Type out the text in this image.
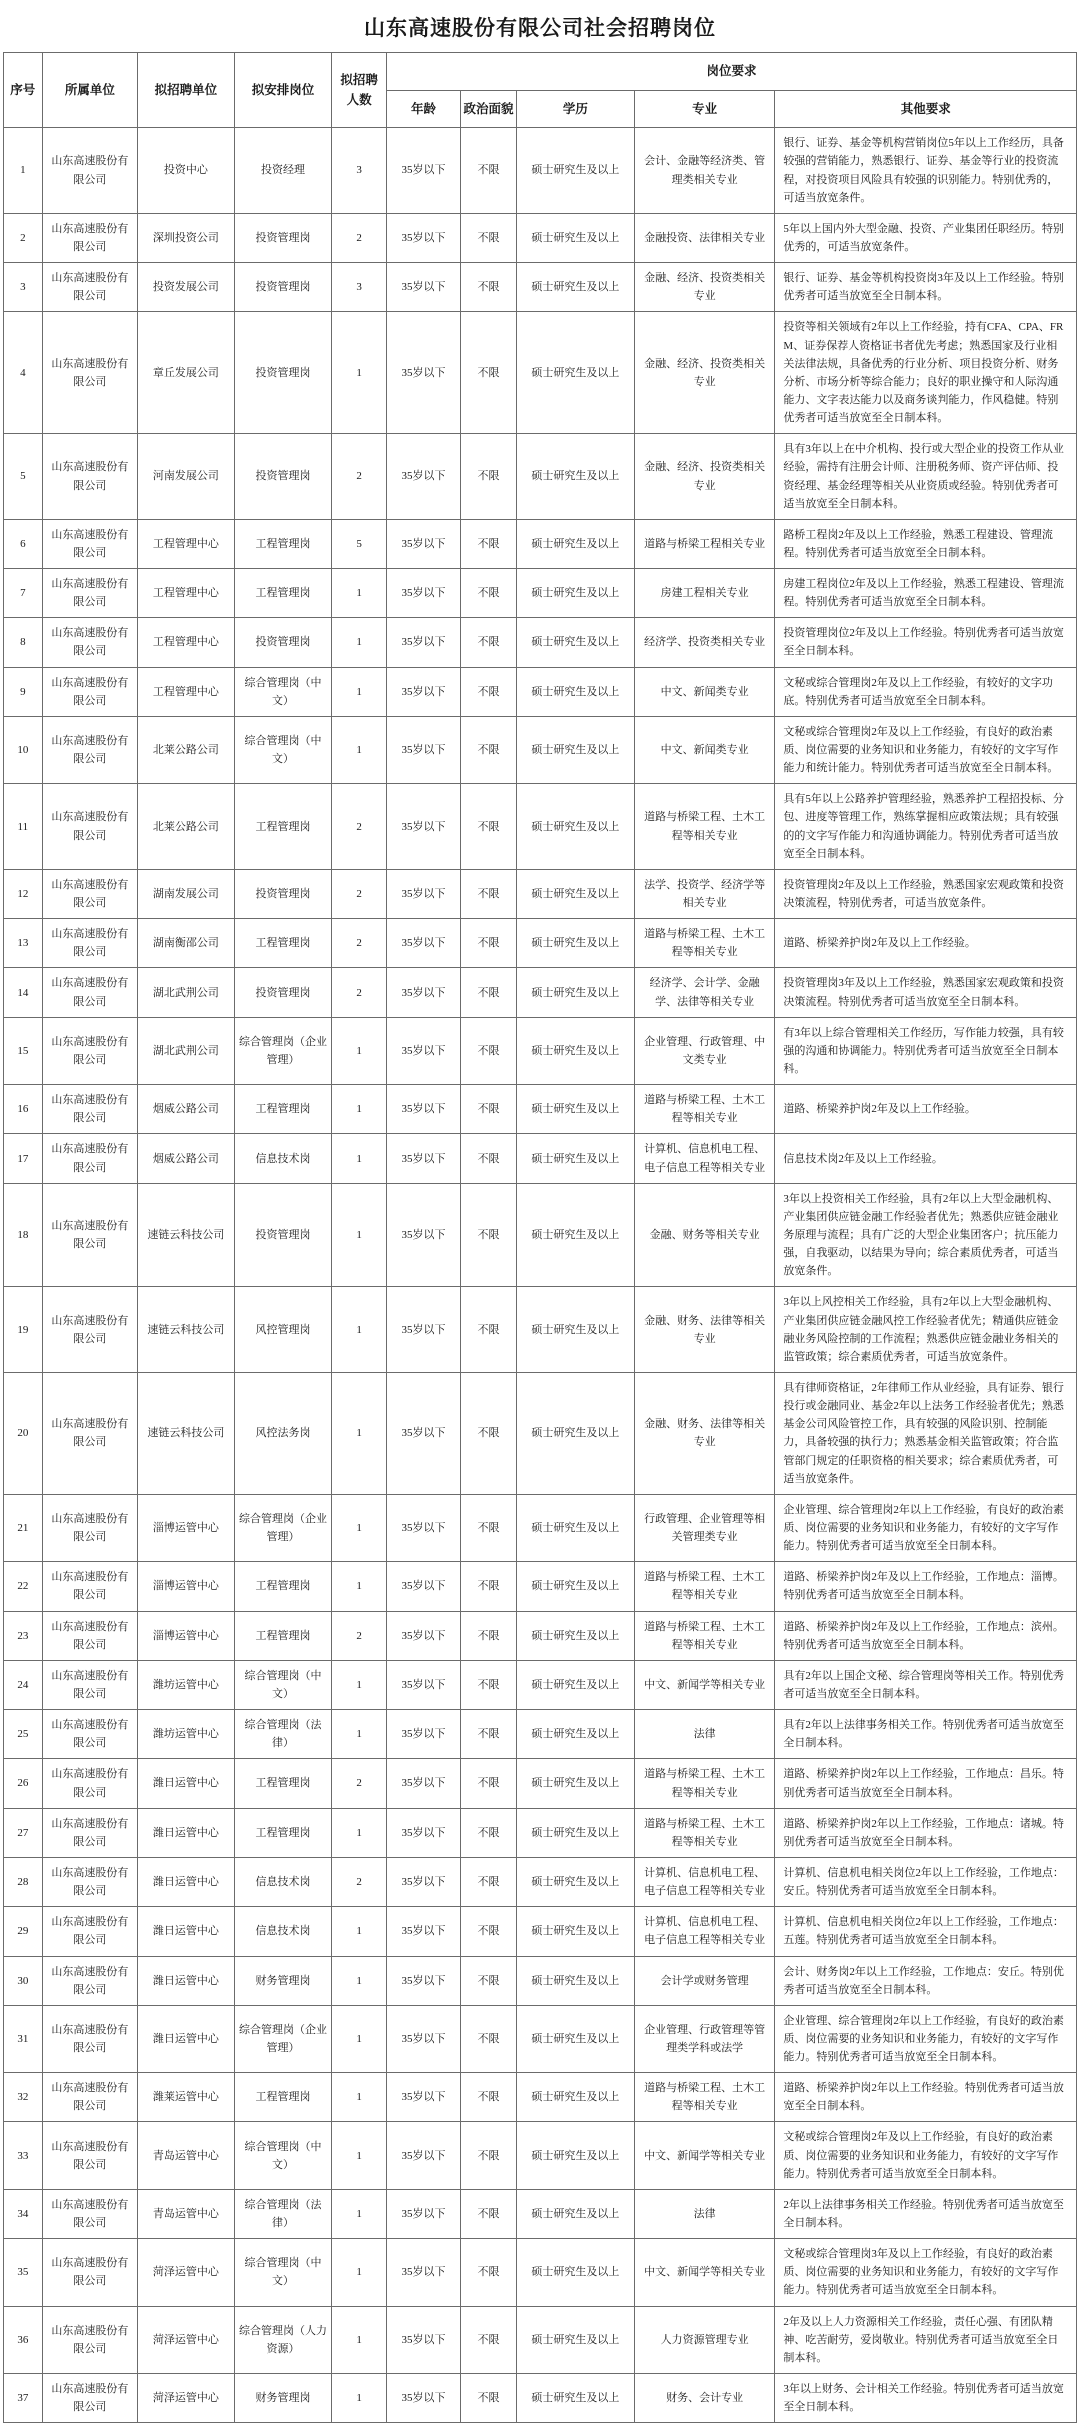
山东高速股份有限公司社会招聘岗位
序号	所属单位	拟招聘单位	拟安排岗位	拟招聘人数	岗位要求				
					年龄	政治面貌	学历	专业	其他要求
1	山东高速股份有限公司	投资中心	投资经理	3	35岁以下	不限	硕士研究生及以上	会计、金融等经济类、管理类相关专业	银行、证券、基金等机构营销岗位5年以上工作经历，具备较强的营销能力，熟悉银行、证券、基金等行业的投资流程，对投资项目风险具有较强的识别能力。特别优秀的，可适当放宽条件。
2	山东高速股份有限公司	深圳投资公司	投资管理岗	2	35岁以下	不限	硕士研究生及以上	金融投资、法律相关专业	5年以上国内外大型金融、投资、产业集团任职经历。特别优秀的，可适当放宽条件。
3	山东高速股份有限公司	投资发展公司	投资管理岗	3	35岁以下	不限	硕士研究生及以上	金融、经济、投资类相关专业	银行、证券、基金等机构投资岗3年及以上工作经验。特别优秀者可适当放宽至全日制本科。
4	山东高速股份有限公司	章丘发展公司	投资管理岗	1	35岁以下	不限	硕士研究生及以上	金融、经济、投资类相关专业	投资等相关领域有2年以上工作经验，持有CFA、CPA、FRM、证券保荐人资格证书者优先考虑；熟悉国家及行业相关法律法规，具备优秀的行业分析、项目投资分析、财务分析、市场分析等综合能力；良好的职业操守和人际沟通能力、文字表达能力以及商务谈判能力，作风稳健。特别优秀者可适当放宽至全日制本科。
5	山东高速股份有限公司	河南发展公司	投资管理岗	2	35岁以下	不限	硕士研究生及以上	金融、经济、投资类相关专业	具有3年以上在中介机构、投行或大型企业的投资工作从业经验，需持有注册会计师、注册税务师、资产评估师、投资经理、基金经理等相关从业资质或经验。特别优秀者可适当放宽至全日制本科。
6	山东高速股份有限公司	工程管理中心	工程管理岗	5	35岁以下	不限	硕士研究生及以上	道路与桥梁工程相关专业	路桥工程岗2年及以上工作经验，熟悉工程建设、管理流程。特别优秀者可适当放宽至全日制本科。
7	山东高速股份有限公司	工程管理中心	工程管理岗	1	35岁以下	不限	硕士研究生及以上	房建工程相关专业	房建工程岗位2年及以上工作经验，熟悉工程建设、管理流程。特别优秀者可适当放宽至全日制本科。
8	山东高速股份有限公司	工程管理中心	投资管理岗	1	35岁以下	不限	硕士研究生及以上	经济学、投资类相关专业	投资管理岗位2年及以上工作经验。特别优秀者可适当放宽至全日制本科。
9	山东高速股份有限公司	工程管理中心	综合管理岗（中文）	1	35岁以下	不限	硕士研究生及以上	中文、新闻类专业	文秘或综合管理岗2年及以上工作经验，有较好的文字功底。特别优秀者可适当放宽至全日制本科。
10	山东高速股份有限公司	北莱公路公司	综合管理岗（中文）	1	35岁以下	不限	硕士研究生及以上	中文、新闻类专业	文秘或综合管理岗2年及以上工作经验，有良好的政治素质、岗位需要的业务知识和业务能力，有较好的文字写作能力和统计能力。特别优秀者可适当放宽至全日制本科。
11	山东高速股份有限公司	北莱公路公司	工程管理岗	2	35岁以下	不限	硕士研究生及以上	道路与桥梁工程、土木工程等相关专业	具有5年以上公路养护管理经验，熟悉养护工程招投标、分包、进度等管理工作，熟练掌握相应政策法规；具有较强的的文字写作能力和沟通协调能力。特别优秀者可适当放宽至全日制本科。
12	山东高速股份有限公司	湖南发展公司	投资管理岗	2	35岁以下	不限	硕士研究生及以上	法学、投资学、经济学等相关专业	投资管理岗2年及以上工作经验，熟悉国家宏观政策和投资决策流程，特别优秀者，可适当放宽条件。
13	山东高速股份有限公司	湖南衡邵公司	工程管理岗	2	35岁以下	不限	硕士研究生及以上	道路与桥梁工程、土木工程等相关专业	道路、桥梁养护岗2年及以上工作经验。
14	山东高速股份有限公司	湖北武荆公司	投资管理岗	2	35岁以下	不限	硕士研究生及以上	经济学、会计学、金融学、法律等相关专业	投资管理岗3年及以上工作经验，熟悉国家宏观政策和投资决策流程。特别优秀者可适当放宽至全日制本科。
15	山东高速股份有限公司	湖北武荆公司	综合管理岗（企业管理）	1	35岁以下	不限	硕士研究生及以上	企业管理、行政管理、中文类专业	有3年以上综合管理相关工作经历，写作能力较强，具有较强的沟通和协调能力。特别优秀者可适当放宽至全日制本科。
16	山东高速股份有限公司	烟威公路公司	工程管理岗	1	35岁以下	不限	硕士研究生及以上	道路与桥梁工程、土木工程等相关专业	道路、桥梁养护岗2年及以上工作经验。
17	山东高速股份有限公司	烟威公路公司	信息技术岗	1	35岁以下	不限	硕士研究生及以上	计算机、信息机电工程、电子信息工程等相关专业	信息技术岗2年及以上工作经验。
18	山东高速股份有限公司	速链云科技公司	投资管理岗	1	35岁以下	不限	硕士研究生及以上	金融、财务等相关专业	3年以上投资相关工作经验，具有2年以上大型金融机构、产业集团供应链金融工作经验者优先；熟悉供应链金融业务原理与流程；具有广泛的大型企业集团客户；抗压能力强，自我驱动，以结果为导向；综合素质优秀者，可适当放宽条件。
19	山东高速股份有限公司	速链云科技公司	风控管理岗	1	35岁以下	不限	硕士研究生及以上	金融、财务、法律等相关专业	3年以上风控相关工作经验，具有2年以上大型金融机构、产业集团供应链金融风控工作经验者优先；精通供应链金融业务风险控制的工作流程；熟悉供应链金融业务相关的监管政策；综合素质优秀者，可适当放宽条件。
20	山东高速股份有限公司	速链云科技公司	风控法务岗	1	35岁以下	不限	硕士研究生及以上	金融、财务、法律等相关专业	具有律师资格证，2年律师工作从业经验，具有证券、银行投行或金融同业、基金2年以上法务工作经验者优先；熟悉基金公司风险管控工作，具有较强的风险识别、控制能力，具备较强的执行力；熟悉基金相关监管政策；符合监管部门规定的任职资格的相关要求；综合素质优秀者，可适当放宽条件。
21	山东高速股份有限公司	淄博运管中心	综合管理岗（企业管理）	1	35岁以下	不限	硕士研究生及以上	行政管理、企业管理等相关管理类专业	企业管理、综合管理岗2年以上工作经验，有良好的政治素质、岗位需要的业务知识和业务能力，有较好的文字写作能力。特别优秀者可适当放宽至全日制本科。
22	山东高速股份有限公司	淄博运管中心	工程管理岗	1	35岁以下	不限	硕士研究生及以上	道路与桥梁工程、土木工程等相关专业	道路、桥梁养护岗2年及以上工作经验，工作地点：淄博。特别优秀者可适当放宽至全日制本科。
23	山东高速股份有限公司	淄博运管中心	工程管理岗	2	35岁以下	不限	硕士研究生及以上	道路与桥梁工程、土木工程等相关专业	道路、桥梁养护岗2年及以上工作经验，工作地点：滨州。特别优秀者可适当放宽至全日制本科。
24	山东高速股份有限公司	潍坊运管中心	综合管理岗（中文）	1	35岁以下	不限	硕士研究生及以上	中文、新闻学等相关专业	具有2年以上国企文秘、综合管理岗等相关工作。特别优秀者可适当放宽至全日制本科。
25	山东高速股份有限公司	潍坊运管中心	综合管理岗（法律）	1	35岁以下	不限	硕士研究生及以上	法律	具有2年以上法律事务相关工作。特别优秀者可适当放宽至全日制本科。
26	山东高速股份有限公司	潍日运管中心	工程管理岗	2	35岁以下	不限	硕士研究生及以上	道路与桥梁工程、土木工程等相关专业	道路、桥梁养护岗2年以上工作经验，工作地点：昌乐。特别优秀者可适当放宽至全日制本科。
27	山东高速股份有限公司	潍日运管中心	工程管理岗	1	35岁以下	不限	硕士研究生及以上	道路与桥梁工程、土木工程等相关专业	道路、桥梁养护岗2年以上工作经验，工作地点：诸城。特别优秀者可适当放宽至全日制本科。
28	山东高速股份有限公司	潍日运管中心	信息技术岗	2	35岁以下	不限	硕士研究生及以上	计算机、信息机电工程、电子信息工程等相关专业	计算机、信息机电相关岗位2年以上工作经验，工作地点：安丘。特别优秀者可适当放宽至全日制本科。
29	山东高速股份有限公司	潍日运管中心	信息技术岗	1	35岁以下	不限	硕士研究生及以上	计算机、信息机电工程、电子信息工程等相关专业	计算机、信息机电相关岗位2年以上工作经验，工作地点：五莲。特别优秀者可适当放宽至全日制本科。
30	山东高速股份有限公司	潍日运管中心	财务管理岗	1	35岁以下	不限	硕士研究生及以上	会计学或财务管理	会计、财务岗2年以上工作经验，工作地点：安丘。特别优秀者可适当放宽至全日制本科。
31	山东高速股份有限公司	潍日运管中心	综合管理岗（企业管理）	1	35岁以下	不限	硕士研究生及以上	企业管理、行政管理等管理类学科或法学	企业管理、综合管理岗2年以上工作经验，有良好的政治素质、岗位需要的业务知识和业务能力，有较好的文字写作能力。特别优秀者可适当放宽至全日制本科。
32	山东高速股份有限公司	潍莱运管中心	工程管理岗	1	35岁以下	不限	硕士研究生及以上	道路与桥梁工程、土木工程等相关专业	道路、桥梁养护岗2年以上工作经验。特别优秀者可适当放宽至全日制本科。
33	山东高速股份有限公司	青岛运管中心	综合管理岗（中文）	1	35岁以下	不限	硕士研究生及以上	中文、新闻学等相关专业	文秘或综合管理岗2年及以上工作经验，有良好的政治素质、岗位需要的业务知识和业务能力，有较好的文字写作能力。特别优秀者可适当放宽至全日制本科。
34	山东高速股份有限公司	青岛运管中心	综合管理岗（法律）	1	35岁以下	不限	硕士研究生及以上	法律	2年以上法律事务相关工作经验。特别优秀者可适当放宽至全日制本科。
35	山东高速股份有限公司	菏泽运管中心	综合管理岗（中文）	1	35岁以下	不限	硕士研究生及以上	中文、新闻学等相关专业	文秘或综合管理岗3年及以上工作经验，有良好的政治素质、岗位需要的业务知识和业务能力，有较好的文字写作能力。特别优秀者可适当放宽至全日制本科。
36	山东高速股份有限公司	菏泽运管中心	综合管理岗（人力资源）	1	35岁以下	不限	硕士研究生及以上	人力资源管理专业	2年及以上人力资源相关工作经验，责任心强、有团队精神、吃苦耐劳，爱岗敬业。特别优秀者可适当放宽至全日制本科。
37	山东高速股份有限公司	菏泽运管中心	财务管理岗	1	35岁以下	不限	硕士研究生及以上	财务、会计专业	3年以上财务、会计相关工作经验。特别优秀者可适当放宽至全日制本科。
